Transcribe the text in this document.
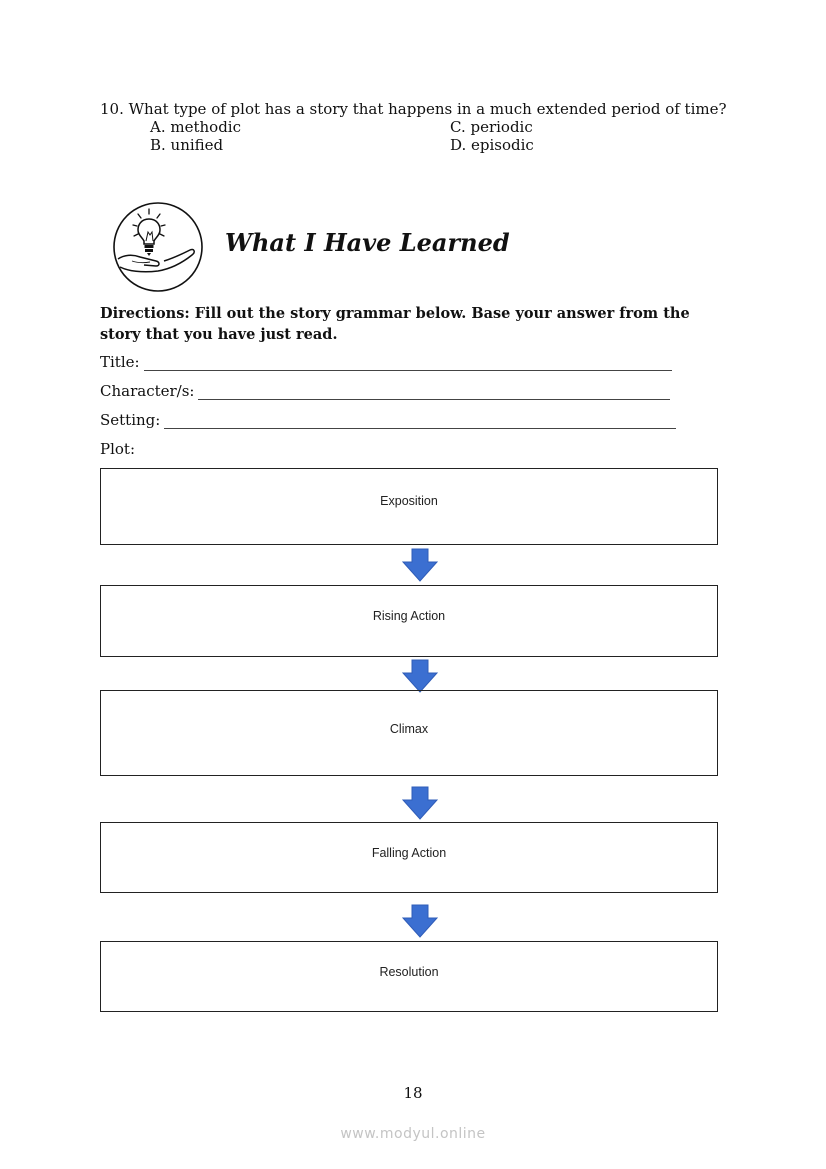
10. What type of plot has a story that happens in a much extended period of time?
A. methodic
B. unified
C. periodic
D. episodic
What I Have Learned
Directions: Fill out the story grammar below. Base your answer from the story that you have just read.
Title:
Character/s:
Setting:
Plot:
Exposition
Rising Action
Climax
Falling Action
Resolution
18
www.modyul.online
